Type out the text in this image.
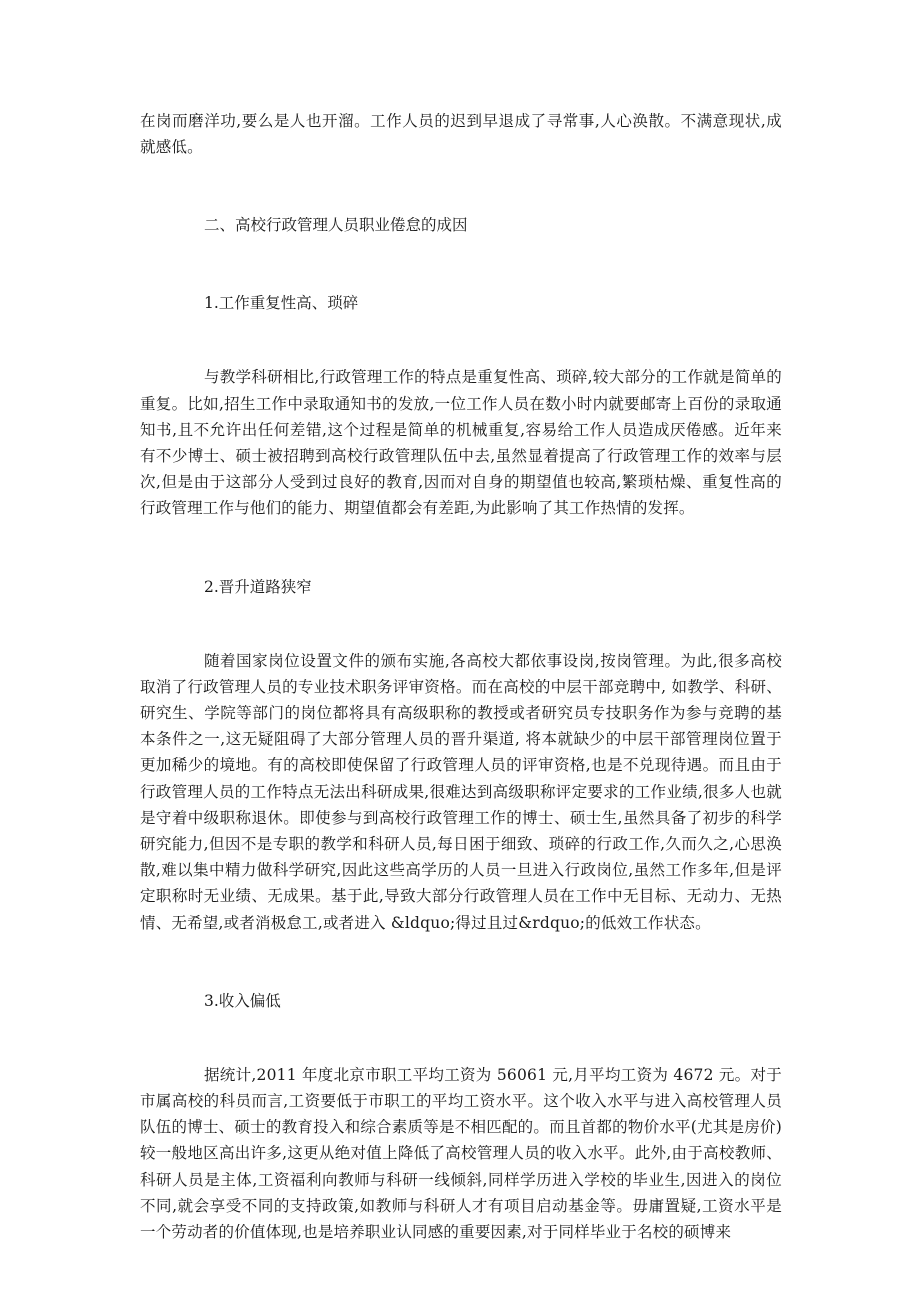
在岗而磨洋功,要么是人也开溜。工作人员的迟到早退成了寻常事,人心涣散。不满意现状,成就感低。

二、高校行政管理人员职业倦怠的成因

1.工作重复性高、琐碎

与教学科研相比,行政管理工作的特点是重复性高、琐碎,较大部分的工作就是简单的重复。比如,招生工作中录取通知书的发放,一位工作人员在数小时内就要邮寄上百份的录取通知书,且不允许出任何差错,这个过程是简单的机械重复,容易给工作人员造成厌倦感。近年来有不少博士、硕士被招聘到高校行政管理队伍中去,虽然显着提高了行政管理工作的效率与层次,但是由于这部分人受到过良好的教育,因而对自身的期望值也较高,繁琐枯燥、重复性高的行政管理工作与他们的能力、期望值都会有差距,为此影响了其工作热情的发挥。

2.晋升道路狭窄

随着国家岗位设置文件的颁布实施,各高校大都依事设岗,按岗管理。为此,很多高校取消了行政管理人员的专业技术职务评审资格。而在高校的中层干部竞聘中, 如教学、科研、研究生、学院等部门的岗位都将具有高级职称的教授或者研究员专技职务作为参与竞聘的基本条件之一,这无疑阻碍了大部分管理人员的晋升渠道, 将本就缺少的中层干部管理岗位置于更加稀少的境地。有的高校即使保留了行政管理人员的评审资格,也是不兑现待遇。而且由于行政管理人员的工作特点无法出科研成果,很难达到高级职称评定要求的工作业绩,很多人也就是守着中级职称退休。即使参与到高校行政管理工作的博士、硕士生,虽然具备了初步的科学研究能力,但因不是专职的教学和科研人员,每日困于细致、琐碎的行政工作,久而久之,心思涣散,难以集中精力做科学研究,因此这些高学历的人员一旦进入行政岗位,虽然工作多年,但是评定职称时无业绩、无成果。基于此,导致大部分行政管理人员在工作中无目标、无动力、无热情、无希望,或者消极怠工,或者进入 &ldquo;得过且过&rdquo;的低效工作状态。

3.收入偏低

据统计,2011 年度北京市职工平均工资为 56061 元,月平均工资为 4672 元。对于市属高校的科员而言,工资要低于市职工的平均工资水平。这个收入水平与进入高校管理人员队伍的博士、硕士的教育投入和综合素质等是不相匹配的。而且首都的物价水平(尤其是房价)较一般地区高出许多,这更从绝对值上降低了高校管理人员的收入水平。此外,由于高校教师、科研人员是主体,工资福利向教师与科研一线倾斜,同样学历进入学校的毕业生,因进入的岗位不同,就会享受不同的支持政策,如教师与科研人才有项目启动基金等。毋庸置疑,工资水平是一个劳动者的价值体现,也是培养职业认同感的重要因素,对于同样毕业于名校的硕博来
